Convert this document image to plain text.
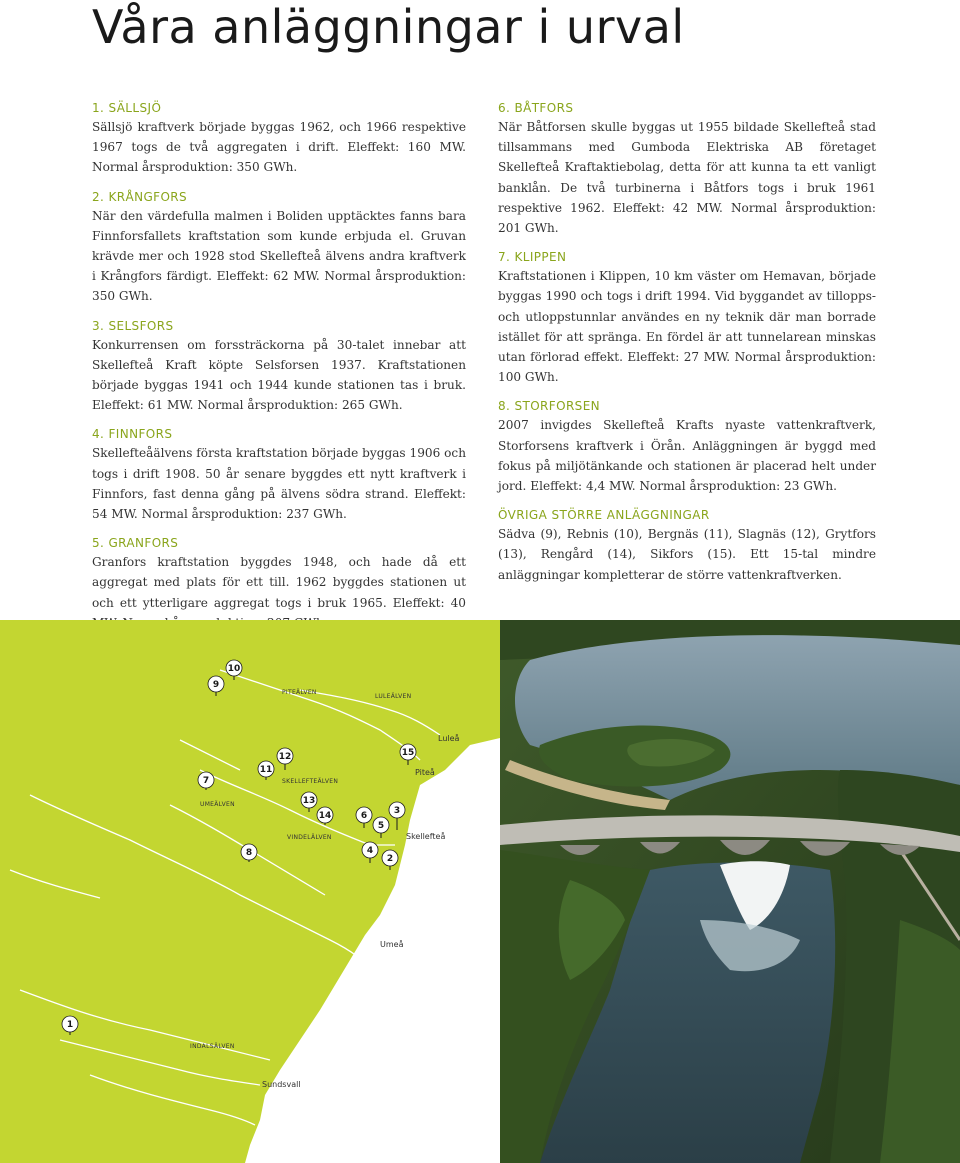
Våra anläggningar i urval
1. SÄLLSJÖ

Sällsjö kraftverk började byggas 1962, och 1966 respektive 1967 togs de två aggregaten i drift. Eleffekt: 160 MW. Normal årsproduktion: 350 GWh.

2. KRÅNGFORS

När den värdefulla malmen i Boliden upptäcktes fanns bara Finnforsfallets kraftstation som kunde erbjuda el. Gruvan krävde mer och 1928 stod Skellefteå älvens andra kraftverk i Krångfors färdigt. Eleffekt: 62 MW. Normal årsproduktion: 350 GWh.

3. SELSFORS

Konkurrensen om forssträckorna på 30-talet innebar att Skellefteå Kraft köpte Selsforsen 1937. Kraftstationen började byggas 1941 och 1944 kunde stationen tas i bruk. Eleffekt: 61 MW. Normal årsproduktion: 265 GWh.

4. FINNFORS

Skellefteåälvens första kraftstation började byggas 1906 och togs i drift 1908. 50 år senare byggdes ett nytt kraftverk i Finnfors, fast denna gång på älvens södra strand. Eleffekt: 54 MW. Normal årsproduktion: 237 GWh.

5. GRANFORS

Granfors kraftstation byggdes 1948, och hade då ett aggregat med plats för ett till. 1962 byggdes stationen ut och ett ytterligare aggregat togs i bruk 1965. Eleffekt: 40

6. BÅTFORS

När Båtforsen skulle byggas ut 1955 bildade Skellefteå stad tillsammans med Gumboda Elektriska AB företaget Skellefteå Kraftaktiebolag, detta för att kunna ta ett vanligt banklån. De två turbinerna i Båtfors togs i bruk 1961 respektive 1962. Eleffekt: 42 MW. Normal årsproduktion: 201 GWh.

7. KLIPPEN

Kraftstationen i Klippen, 10 km väster om Hemavan, började byggas 1990 och togs i drift 1994. Vid byggandet av tillopps- och utloppstunnlar användes en ny teknik där man borrade istället för att spränga. En fördel är att tunnelarean minskas utan förlorad effekt. Eleffekt: 27 MW. Normal årsproduktion: 100 GWh.

8. STORFORSEN

2007 invigdes Skellefteå Krafts nyaste vattenkraftverk, Storforsens kraftverk i Örån. Anläggningen är byggd med fokus på miljötänkande och stationen är placerad helt under jord. Eleffekt: 4,4 MW. Normal årsproduktion: 23 GWh.

ÖVRIGA STÖRRE ANLÄGGNINGAR

Sädva (9), Rebnis (10), Bergnäs (11), Slagnäs (12), Grytfors (13), Rengård (14), Sikfors (15). Ett 15-tal mindre anläggningar kompletterar de större vattenkraftverken.

10
9
12
11
7
15
13
14	6	3
5
4
2
8
1
PITEÄLVEN
LULEÄLVEN
SKELLEFTEÄLVEN
UMEÄLVEN
VINDELÄLVEN
INDALSÄLVEN
Luleå
Piteå
Skellefteå
Umeå
Sundsvall
